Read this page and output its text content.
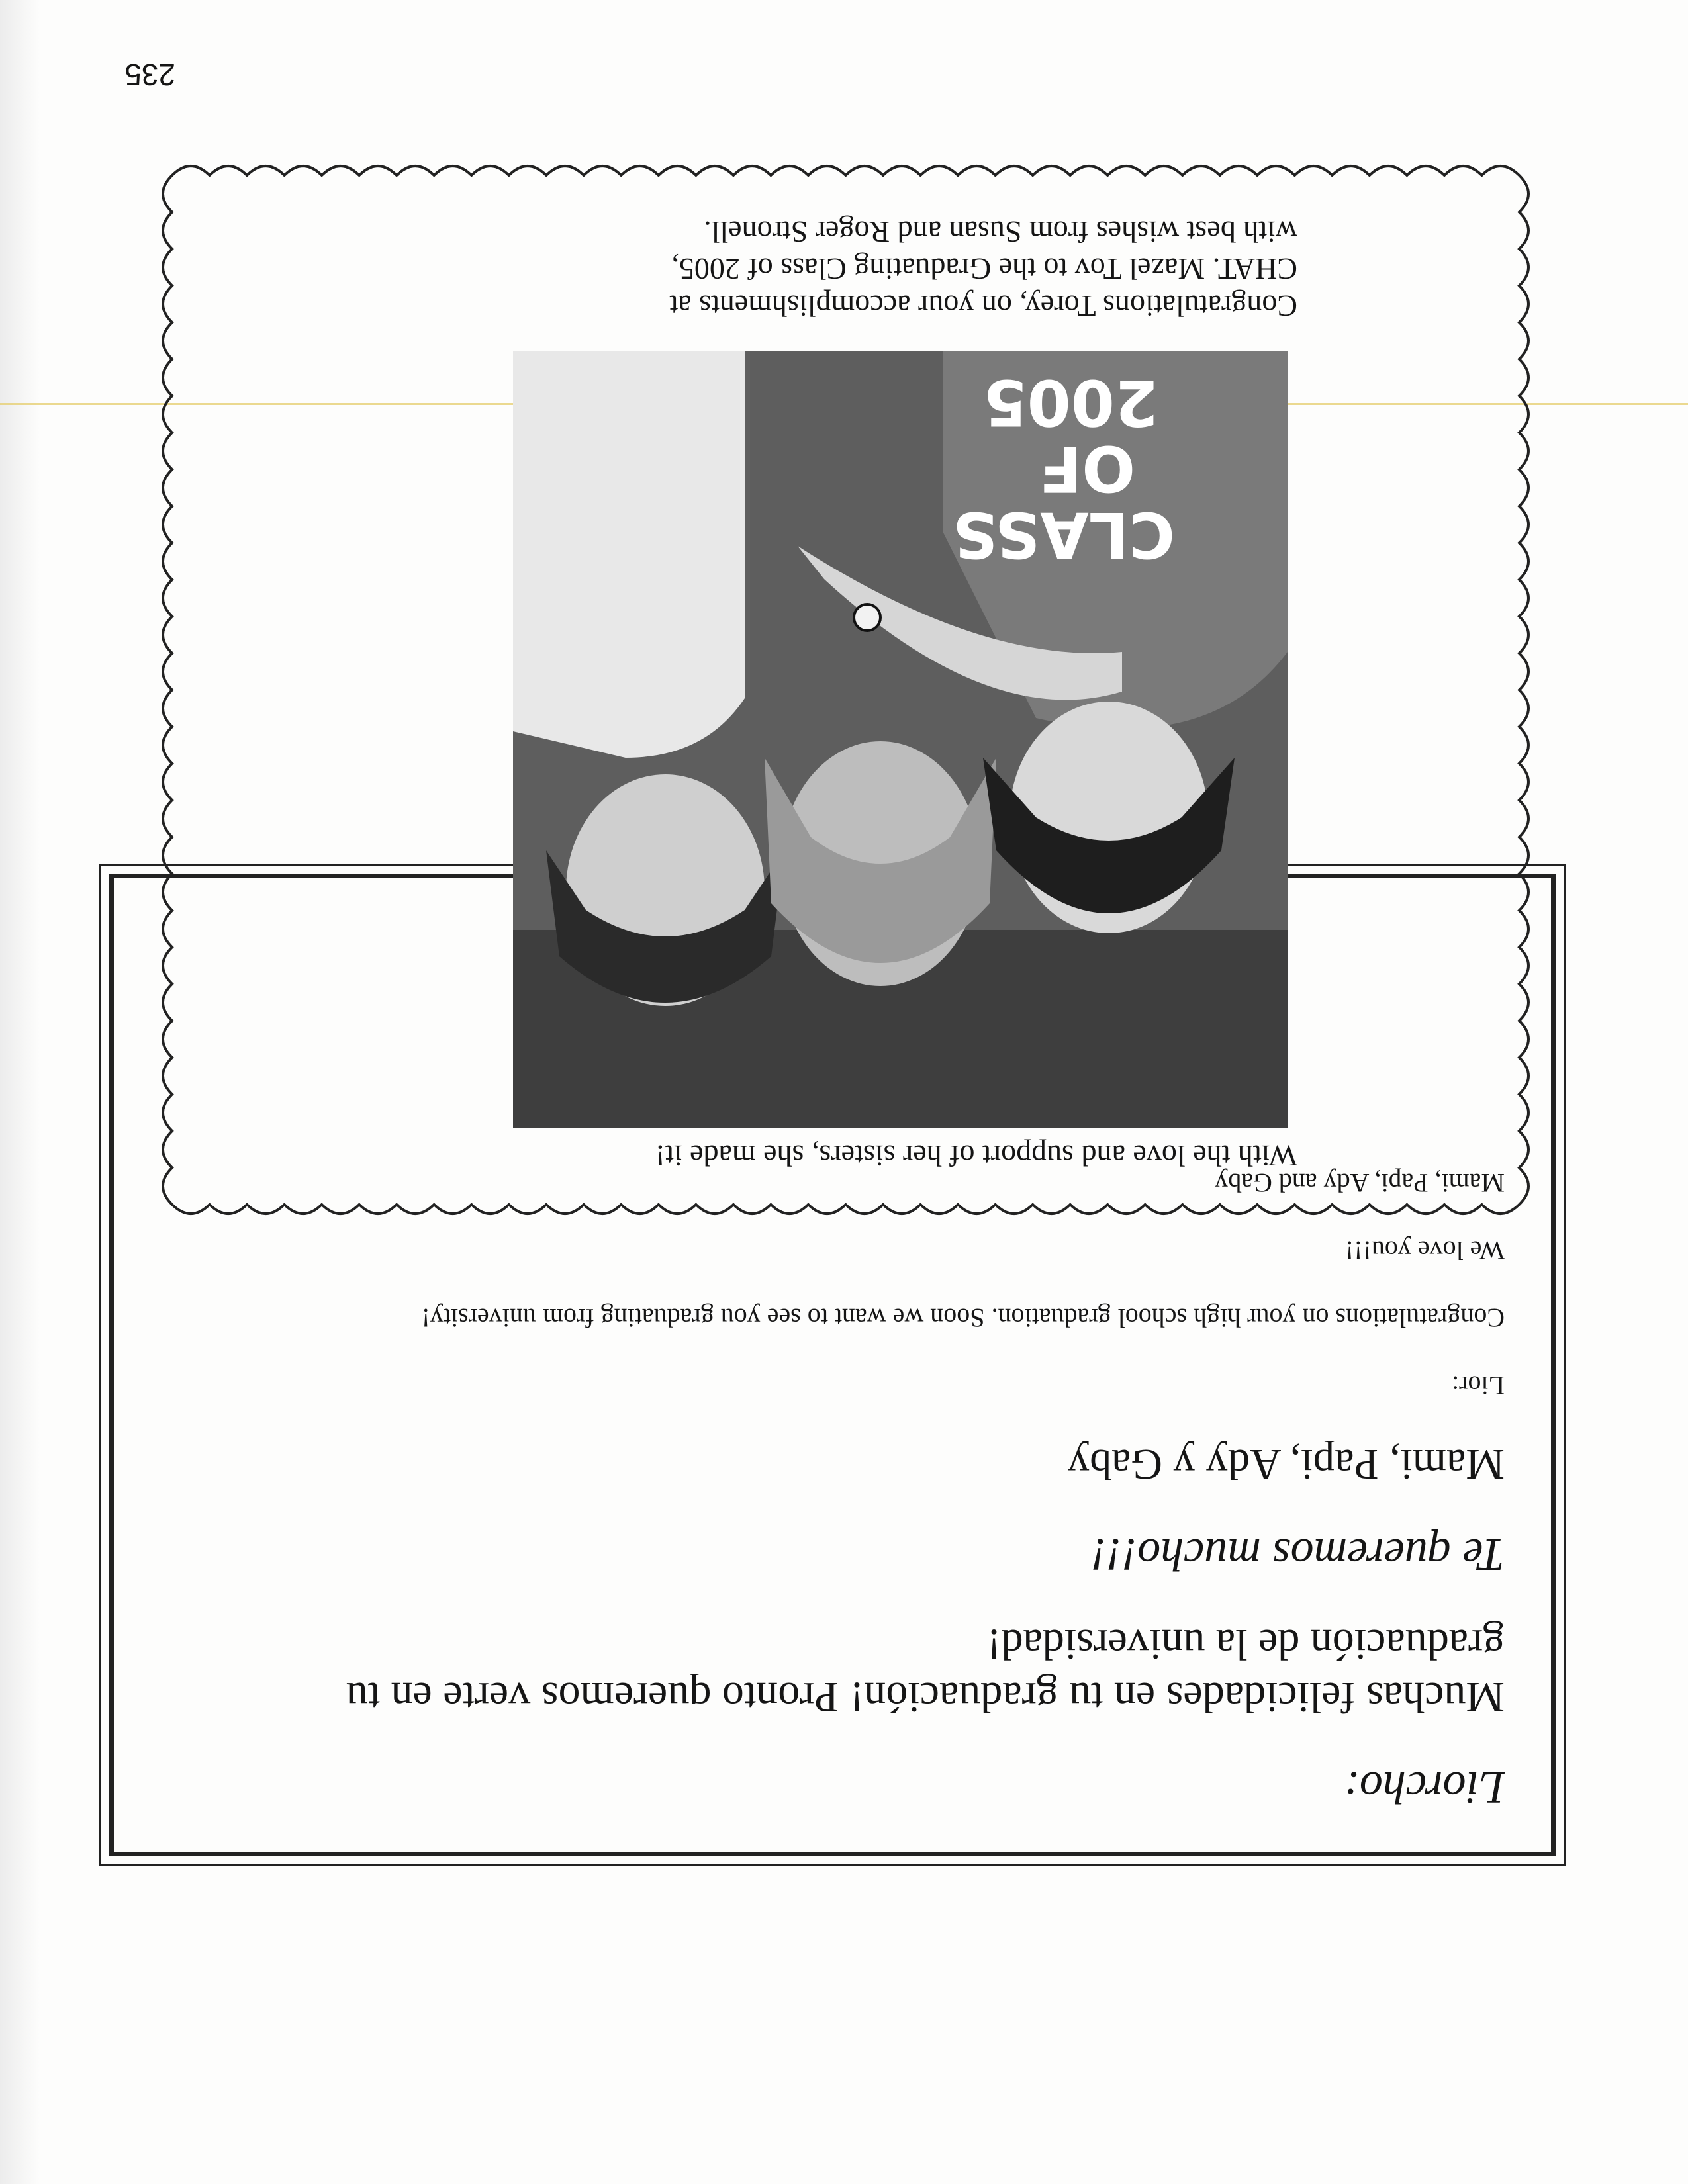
Liorcho:

Muchas felicidades en tu graduación! Pronto queremos verte en tu
graduación de la universidad!

Te queremos mucho!!!

Mami, Papi, Ady y Gaby

Lior:

Congratulations on your high school graduation. Soon we want to see you graduating from university!

We love you!!!

Mami, Papi, Ady and Gaby

Congratulations Torey, on your accomplishments at
CHAT. Mazel Tov to the Graduating Class of 2005,
with best wishes from Susan and Roger Stronell.
CLASS
OF
2005
With the love and support of her sisters, she made it!
235
